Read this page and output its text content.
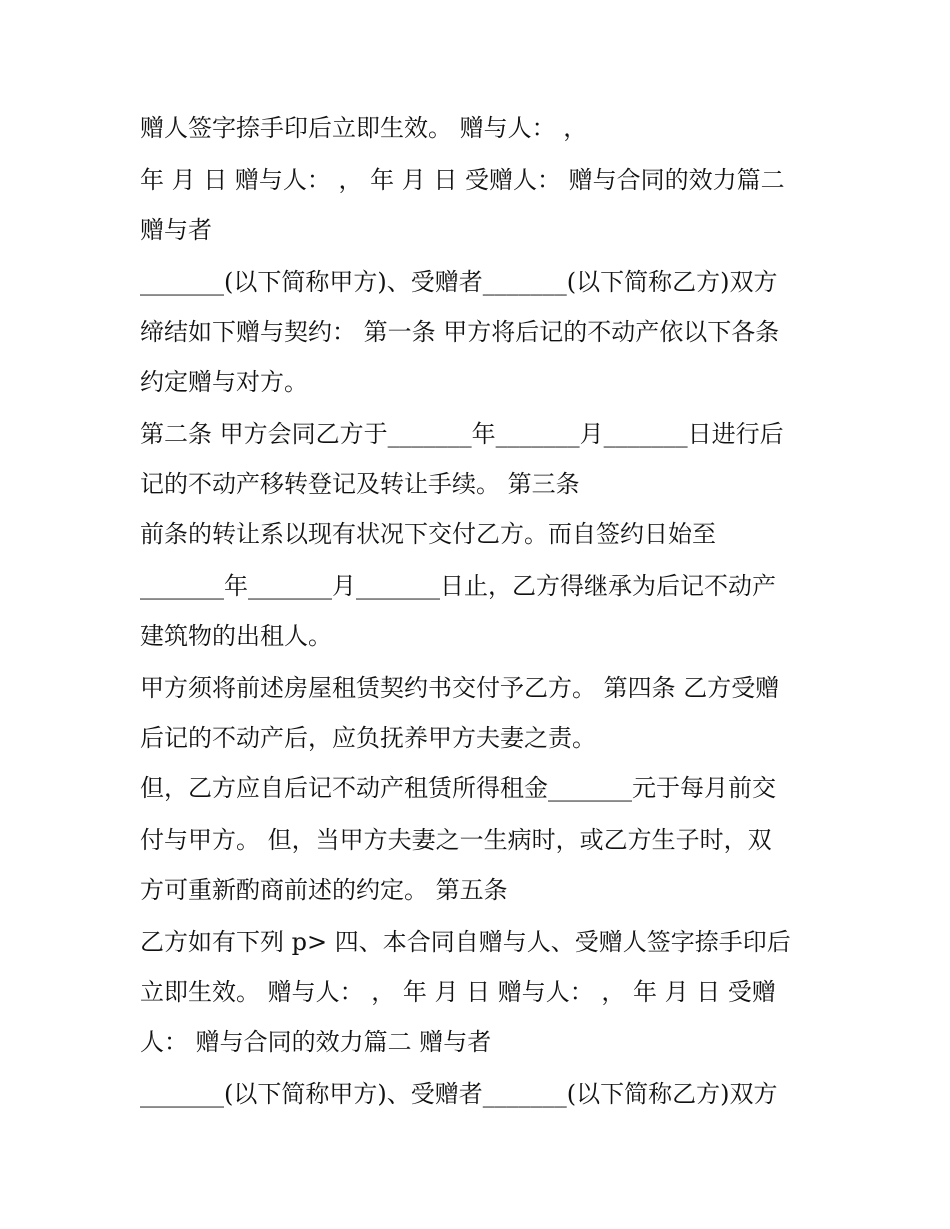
赠人签字捺手印后立即生效。 赠与人： ，

年 月 日 赠与人： ， 年 月 日 受赠人： 赠与合同的效力篇二

赠与者

_______(以下简称甲方)、受赠者_______(以下简称乙方)双方

缔结如下赠与契约： 第一条 甲方将后记的不动产依以下各条

约定赠与对方。

第二条 甲方会同乙方于_______年_______月_______日进行后

记的不动产移转登记及转让手续。 第三条

前条的转让系以现有状况下交付乙方。而自签约日始至

_______年_______月_______日止，乙方得继承为后记不动产

建筑物的出租人。

甲方须将前述房屋租赁契约书交付予乙方。 第四条 乙方受赠

后记的不动产后，应负抚养甲方夫妻之责。

但，乙方应自后记不动产租赁所得租金_______元于每月前交

付与甲方。 但，当甲方夫妻之一生病时，或乙方生子时，双

方可重新酌商前述的约定。 第五条

乙方如有下列 p> 四、本合同自赠与人、受赠人签字捺手印后

立即生效。 赠与人： ， 年 月 日 赠与人： ， 年 月 日 受赠

人： 赠与合同的效力篇二 赠与者

_______(以下简称甲方)、受赠者_______(以下简称乙方)双方
